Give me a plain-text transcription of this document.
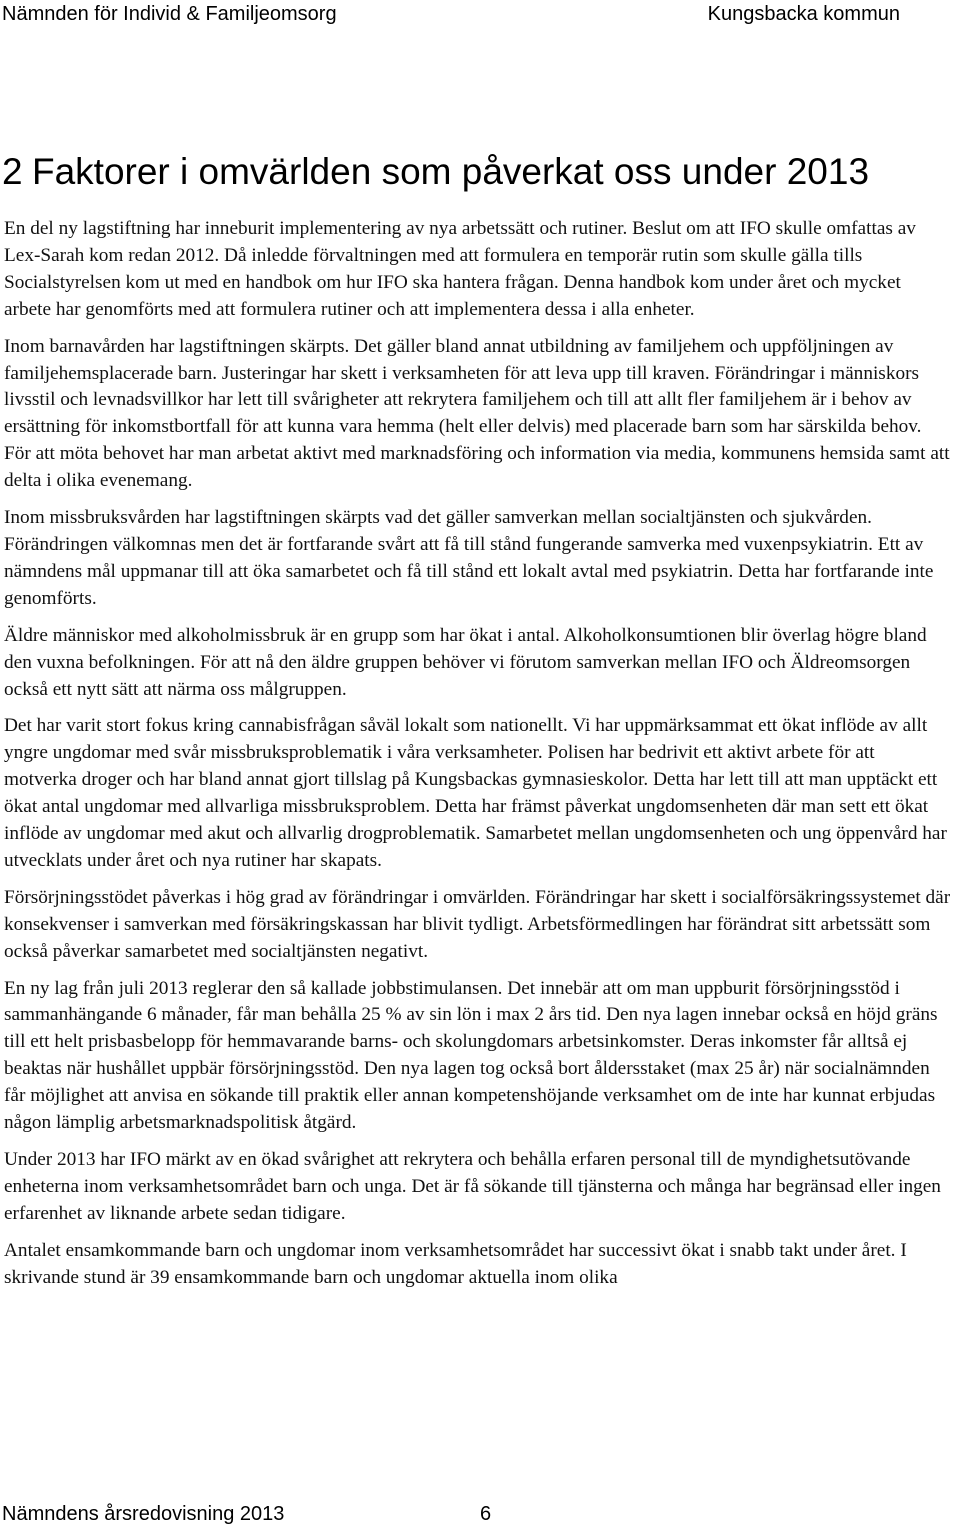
Nämnden för Individ & Familjeomsorg	Kungsbacka kommun
2 Faktorer i omvärlden som påverkat oss under 2013

En del ny lagstiftning har inneburit implementering av nya arbetssätt och rutiner. Beslut om att IFO skulle omfattas av Lex-Sarah kom redan 2012. Då inledde förvaltningen med att formulera en temporär rutin som skulle gälla tills Socialstyrelsen kom ut med en handbok om hur IFO ska hantera frågan. Denna handbok kom under året och mycket arbete har genomförts med att formulera rutiner och att implementera dessa i alla enheter.

Inom barnavården har lagstiftningen skärpts. Det gäller bland annat utbildning av familjehem och uppföljningen av familjehemsplacerade barn. Justeringar har skett i verksamheten för att leva upp till kraven. Förändringar i människors livsstil och levnadsvillkor har lett till svårigheter att rekrytera familjehem och till att allt fler familjehem är i behov av ersättning för inkomstbortfall för att kunna vara hemma (helt eller delvis) med placerade barn som har särskilda behov. För att möta behovet har man arbetat aktivt med marknadsföring och information via media, kommunens hemsida samt att delta i olika evenemang.

Inom missbruksvården har lagstiftningen skärpts vad det gäller samverkan mellan socialtjänsten och sjukvården. Förändringen välkomnas men det är fortfarande svårt att få till stånd fungerande samverka med vuxenpsykiatrin. Ett av nämndens mål uppmanar till att öka samarbetet och få till stånd ett lokalt avtal med psykiatrin. Detta har fortfarande inte genomförts.

Äldre människor med alkoholmissbruk är en grupp som har ökat i antal. Alkoholkonsumtionen blir överlag högre bland den vuxna befolkningen. För att nå den äldre gruppen behöver vi förutom samverkan mellan IFO och Äldreomsorgen också ett nytt sätt att närma oss målgruppen.

Det har varit stort fokus kring cannabisfrågan såväl lokalt som nationellt. Vi har uppmärksammat ett ökat inflöde av allt yngre ungdomar med svår missbruksproblematik i våra verksamheter. Polisen har bedrivit ett aktivt arbete för att motverka droger och har bland annat gjort tillslag på Kungsbackas gymnasieskolor. Detta har lett till att man upptäckt ett ökat antal ungdomar med allvarliga missbruksproblem. Detta har främst påverkat ungdomsenheten där man sett ett ökat inflöde av ungdomar med akut och allvarlig drogproblematik. Samarbetet mellan ungdomsenheten och ung öppenvård har utvecklats under året och nya rutiner har skapats.

Försörjningsstödet påverkas i hög grad av förändringar i omvärlden. Förändringar har skett i socialförsäkringssystemet där konsekvenser i samverkan med försäkringskassan har blivit tydligt. Arbetsförmedlingen har förändrat sitt arbetssätt som också påverkar samarbetet med socialtjänsten negativt.

En ny lag från juli 2013 reglerar den så kallade jobbstimulansen. Det innebär att om man uppburit försörjningsstöd i sammanhängande 6 månader, får man behålla 25 % av sin lön i max 2 års tid. Den nya lagen innebar också en höjd gräns till ett helt prisbasbelopp för hemmavarande barns- och skolungdomars arbetsinkomster. Deras inkomster får alltså ej beaktas när hushållet uppbär försörjningsstöd. Den nya lagen tog också bort åldersstaket (max 25 år) när socialnämnden får möjlighet att anvisa en sökande till praktik eller annan kompetenshöjande verksamhet om de inte har kunnat erbjudas någon lämplig arbetsmarknadspolitisk åtgärd.

Under 2013 har IFO märkt av en ökad svårighet att rekrytera och behålla erfaren personal till de myndighetsutövande enheterna inom verksamhetsområdet barn och unga. Det är få sökande till tjänsterna och många har begränsad eller ingen erfarenhet av liknande arbete sedan tidigare.

Antalet ensamkommande barn och ungdomar inom verksamhetsområdet har successivt ökat i snabb takt under året. I skrivande stund är 39 ensamkommande barn och ungdomar aktuella inom olika

Nämndens årsredovisning 2013	6
